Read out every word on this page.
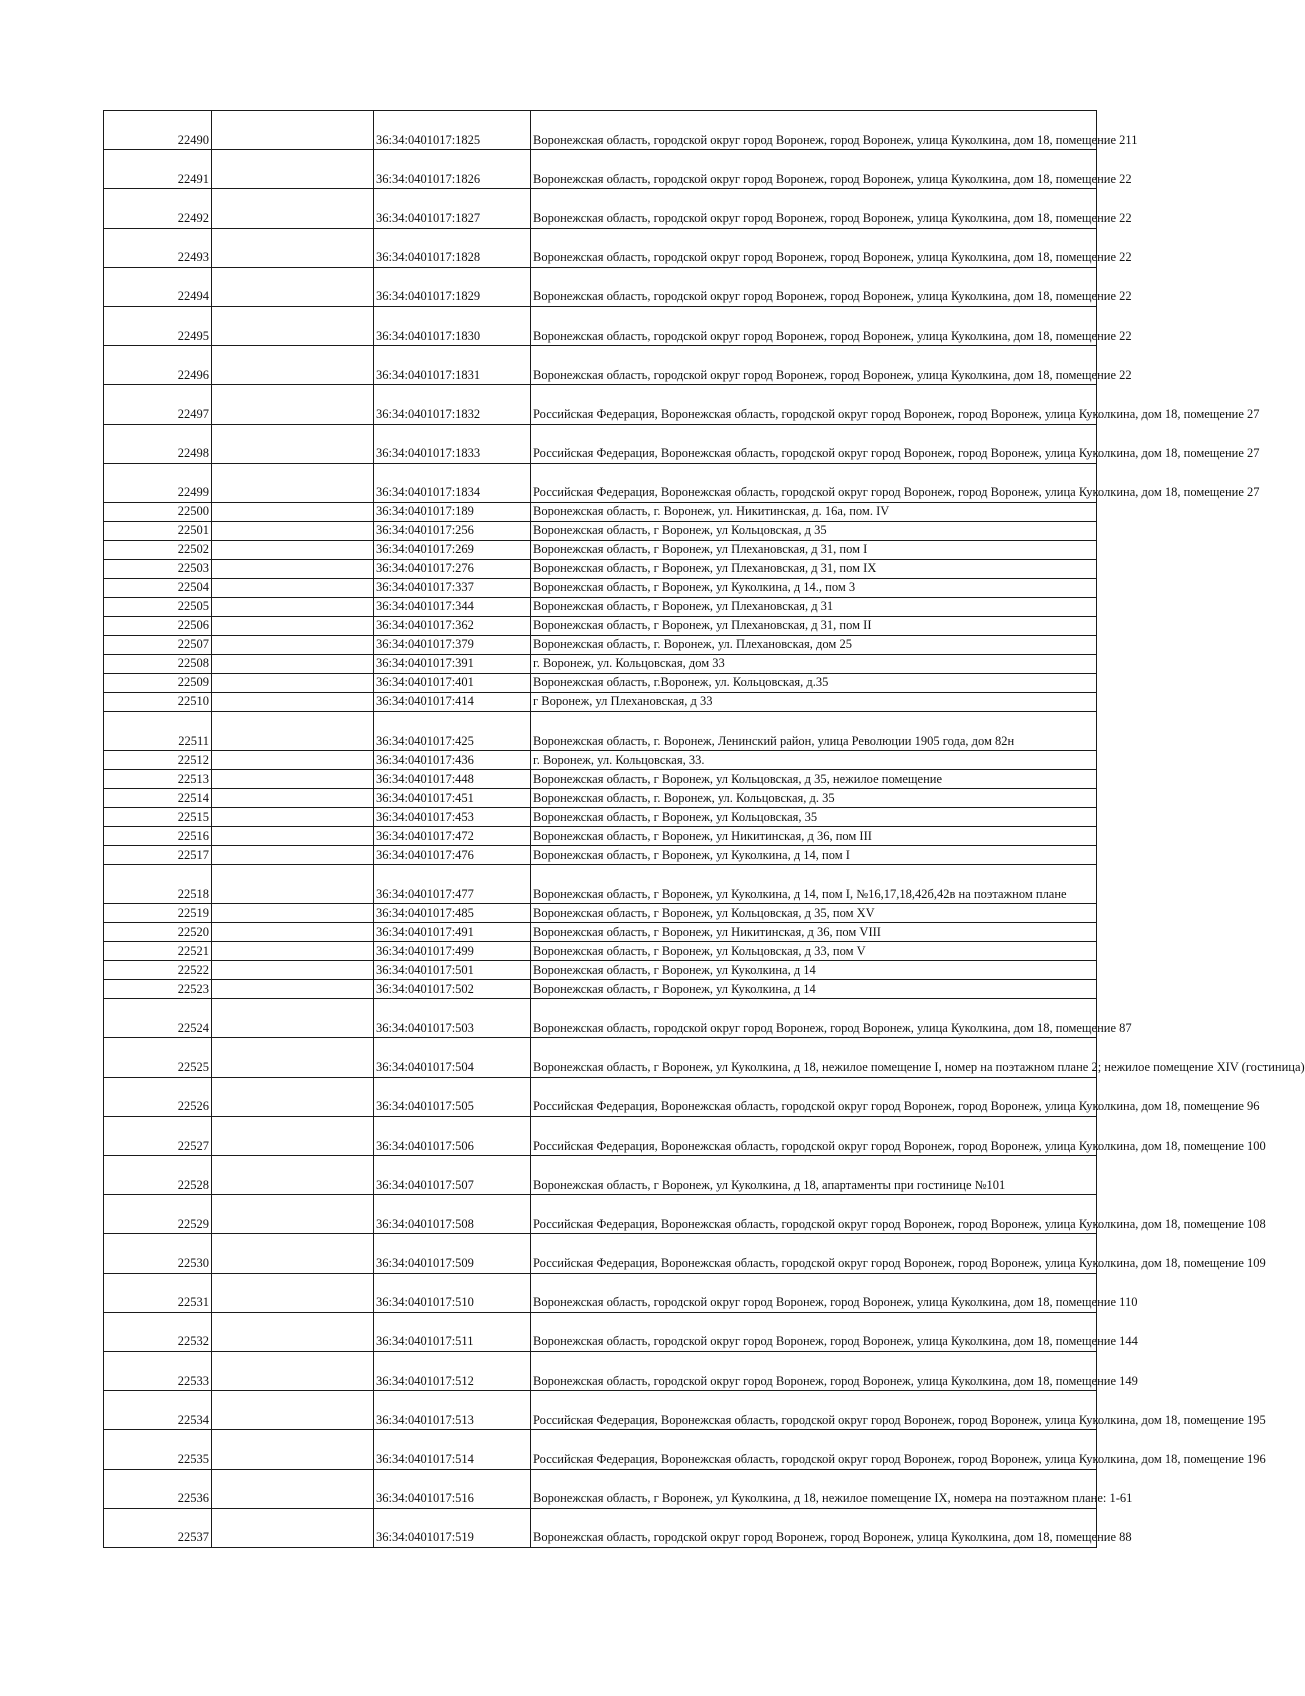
22490		36:34:0401017:1825	Воронежская область, городской округ город Воронеж, город Воронеж, улица Куколкина, дом 18, помещение 211
22491		36:34:0401017:1826	Воронежская область, городской округ город Воронеж, город Воронеж, улица Куколкина, дом 18, помещение 22
22492		36:34:0401017:1827	Воронежская область, городской округ город Воронеж, город Воронеж, улица Куколкина, дом 18, помещение 22
22493		36:34:0401017:1828	Воронежская область, городской округ город Воронеж, город Воронеж, улица Куколкина, дом 18, помещение 22
22494		36:34:0401017:1829	Воронежская область, городской округ город Воронеж, город Воронеж, улица Куколкина, дом 18, помещение 22
22495		36:34:0401017:1830	Воронежская область, городской округ город Воронеж, город Воронеж, улица Куколкина, дом 18, помещение 22
22496		36:34:0401017:1831	Воронежская область, городской округ город Воронеж, город Воронеж, улица Куколкина, дом 18, помещение 22
22497		36:34:0401017:1832	Российская Федерация, Воронежская область, городской округ город Воронеж, город Воронеж, улица Куколкина, дом 18, помещение 27
22498		36:34:0401017:1833	Российская Федерация, Воронежская область, городской округ город Воронеж, город Воронеж, улица Куколкина, дом 18, помещение 27
22499		36:34:0401017:1834	Российская Федерация, Воронежская область, городской округ город Воронеж, город Воронеж, улица Куколкина, дом 18, помещение 27
22500		36:34:0401017:189	Воронежская область, г. Воронеж, ул. Никитинская, д. 16а, пом. IV
22501		36:34:0401017:256	Воронежская область, г Воронеж, ул Кольцовская, д 35
22502		36:34:0401017:269	Воронежская область, г Воронеж, ул Плехановская, д 31, пом I
22503		36:34:0401017:276	Воронежская область, г Воронеж, ул Плехановская, д 31, пом IX
22504		36:34:0401017:337	Воронежская область, г Воронеж, ул Куколкина, д 14., пом 3
22505		36:34:0401017:344	Воронежская область, г Воронеж, ул Плехановская, д 31
22506		36:34:0401017:362	Воронежская область, г Воронеж, ул Плехановская, д 31, пом II
22507		36:34:0401017:379	Воронежская область, г. Воронеж, ул. Плехановская, дом 25
22508		36:34:0401017:391	г. Воронеж, ул. Кольцовская, дом 33
22509		36:34:0401017:401	Воронежская область, г.Воронеж, ул. Кольцовская, д.35
22510		36:34:0401017:414	г Воронеж, ул Плехановская, д 33
22511		36:34:0401017:425	Воронежская область, г. Воронеж, Ленинский район, улица Революции 1905 года, дом 82н
22512		36:34:0401017:436	г. Воронеж, ул. Кольцовская, 33.
22513		36:34:0401017:448	Воронежская область, г Воронеж, ул Кольцовская, д 35, нежилое помещение
22514		36:34:0401017:451	Воронежская область, г. Воронеж, ул. Кольцовская, д. 35
22515		36:34:0401017:453	Воронежская область, г Воронеж, ул Кольцовская, 35
22516		36:34:0401017:472	Воронежская область, г Воронеж, ул Никитинская, д 36, пом III
22517		36:34:0401017:476	Воронежская область, г Воронеж, ул Куколкина, д 14, пом I
22518		36:34:0401017:477	Воронежская область, г Воронеж, ул Куколкина, д 14, пом I, №16,17,18,42б,42в на поэтажном плане
22519		36:34:0401017:485	Воронежская область, г Воронеж, ул Кольцовская, д 35, пом XV
22520		36:34:0401017:491	Воронежская область, г Воронеж, ул Никитинская, д 36, пом VIII
22521		36:34:0401017:499	Воронежская область, г Воронеж, ул Кольцовская, д 33, пом V
22522		36:34:0401017:501	Воронежская область, г Воронеж, ул Куколкина, д 14
22523		36:34:0401017:502	Воронежская область, г Воронеж, ул Куколкина, д 14
22524		36:34:0401017:503	Воронежская область, городской округ город Воронеж, город Воронеж, улица Куколкина, дом 18, помещение 87
22525		36:34:0401017:504	Воронежская область, г Воронеж, ул Куколкина, д 18, нежилое помещение I, номер на поэтажном плане 2; нежилое помещение XIV (гостиница)
22526		36:34:0401017:505	Российская Федерация, Воронежская область, городской округ город Воронеж, город Воронеж, улица Куколкина, дом 18, помещение 96
22527		36:34:0401017:506	Российская Федерация, Воронежская область, городской округ город Воронеж, город Воронеж, улица Куколкина, дом 18, помещение 100
22528		36:34:0401017:507	Воронежская область, г Воронеж, ул Куколкина, д 18, апартаменты при гостинице №101
22529		36:34:0401017:508	Российская Федерация, Воронежская область, городской округ город Воронеж, город Воронеж, улица Куколкина, дом 18, помещение 108
22530		36:34:0401017:509	Российская Федерация, Воронежская область, городской округ город Воронеж, город Воронеж, улица Куколкина, дом 18, помещение 109
22531		36:34:0401017:510	Воронежская область, городской округ город Воронеж, город Воронеж, улица Куколкина, дом 18, помещение 110
22532		36:34:0401017:511	Воронежская область, городской округ город Воронеж, город Воронеж, улица Куколкина, дом 18, помещение 144
22533		36:34:0401017:512	Воронежская область, городской округ город Воронеж, город Воронеж, улица Куколкина, дом 18, помещение 149
22534		36:34:0401017:513	Российская Федерация, Воронежская область, городской округ город Воронеж, город Воронеж, улица Куколкина, дом 18, помещение 195
22535		36:34:0401017:514	Российская Федерация, Воронежская область, городской округ город Воронеж, город Воронеж, улица Куколкина, дом 18, помещение 196
22536		36:34:0401017:516	Воронежская область, г Воронеж, ул Куколкина, д 18, нежилое помещение IX, номера на поэтажном плане: 1-61
22537		36:34:0401017:519	Воронежская область, городской округ город Воронеж, город Воронеж, улица Куколкина, дом 18, помещение 88
